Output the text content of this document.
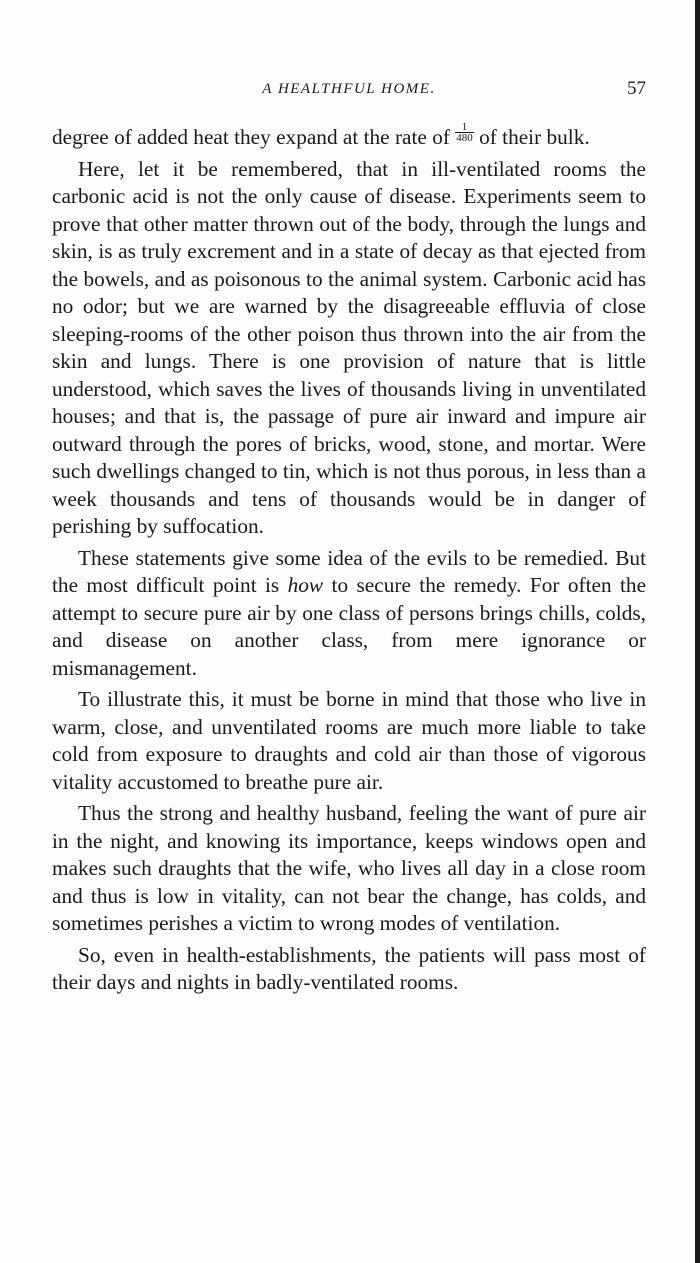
A HEALTHFUL HOME.	57

degree of added heat they expand at the rate of $\frac{1}{480}$ of their bulk.

Here, let it be remembered, that in ill-ventilated rooms the carbonic acid is not the only cause of disease. Experiments seem to prove that other matter thrown out of the body, through the lungs and skin, is as truly excrement and in a state of decay as that ejected from the bowels, and as poisonous to the animal system. Carbonic acid has no odor; but we are warned by the disagreeable effluvia of close sleeping-rooms of the other poison thus thrown into the air from the skin and lungs. There is one provision of nature that is little understood, which saves the lives of thousands living in unventilated houses; and that is, the passage of pure air inward and impure air outward through the pores of bricks, wood, stone, and mortar. Were such dwellings changed to tin, which is not thus porous, in less than a week thousands and tens of thousands would be in danger of perishing by suffocation.

These statements give some idea of the evils to be remedied. But the most difficult point is how to secure the remedy. For often the attempt to secure pure air by one class of persons brings chills, colds, and disease on another class, from mere ignorance or mismanagement.

To illustrate this, it must be borne in mind that those who live in warm, close, and unventilated rooms are much more liable to take cold from exposure to draughts and cold air than those of vigorous vitality accustomed to breathe pure air.

Thus the strong and healthy husband, feeling the want of pure air in the night, and knowing its importance, keeps windows open and makes such draughts that the wife, who lives all day in a close room and thus is low in vitality, can not bear the change, has colds, and sometimes perishes a victim to wrong modes of ventilation.

So, even in health-establishments, the patients will pass most of their days and nights in badly-ventilated rooms.
